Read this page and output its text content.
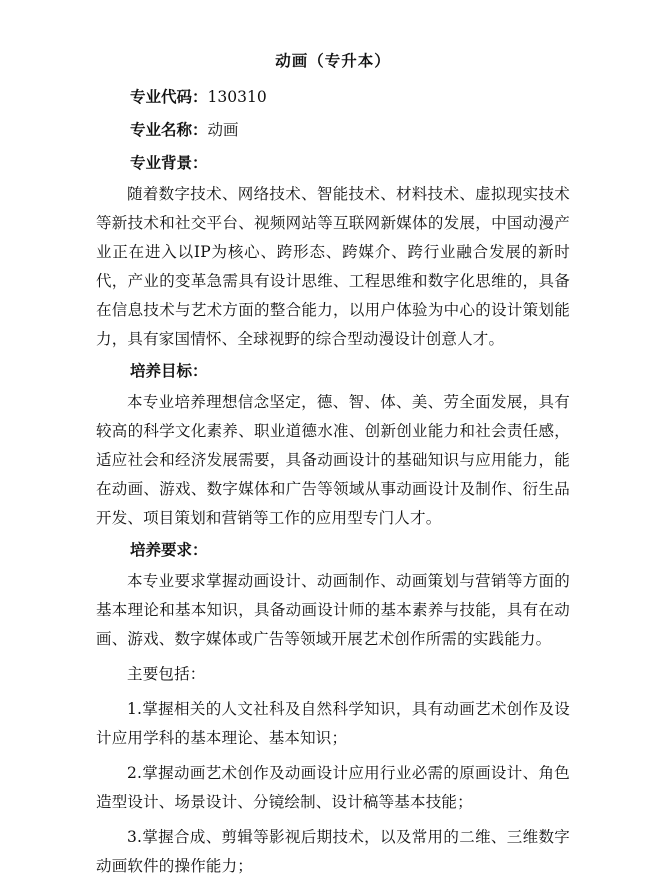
动画（专升本）
专业代码：130310
专业名称：动画
专业背景：

随着数字技术、网络技术、智能技术、材料技术、虚拟现实技术等新技术和社交平台、视频网站等互联网新媒体的发展，中国动漫产业正在进入以IP为核心、跨形态、跨媒介、跨行业融合发展的新时代，产业的变革急需具有设计思维、工程思维和数字化思维的，具备在信息技术与艺术方面的整合能力，以用户体验为中心的设计策划能力，具有家国情怀、全球视野的综合型动漫设计创意人才。

培养目标：

本专业培养理想信念坚定，德、智、体、美、劳全面发展，具有较高的科学文化素养、职业道德水准、创新创业能力和社会责任感，适应社会和经济发展需要，具备动画设计的基础知识与应用能力，能在动画、游戏、数字媒体和广告等领域从事动画设计及制作、衍生品开发、项目策划和营销等工作的应用型专门人才。

培养要求：

本专业要求掌握动画设计、动画制作、动画策划与营销等方面的基本理论和基本知识，具备动画设计师的基本素养与技能，具有在动画、游戏、数字媒体或广告等领域开展艺术创作所需的实践能力。

主要包括：

1.掌握相关的人文社科及自然科学知识，具有动画艺术创作及设计应用学科的基本理论、基本知识；

2.掌握动画艺术创作及动画设计应用行业必需的原画设计、角色造型设计、场景设计、分镜绘制、设计稿等基本技能；

3.掌握合成、剪辑等影视后期技术，以及常用的二维、三维数字动画软件的操作能力；
